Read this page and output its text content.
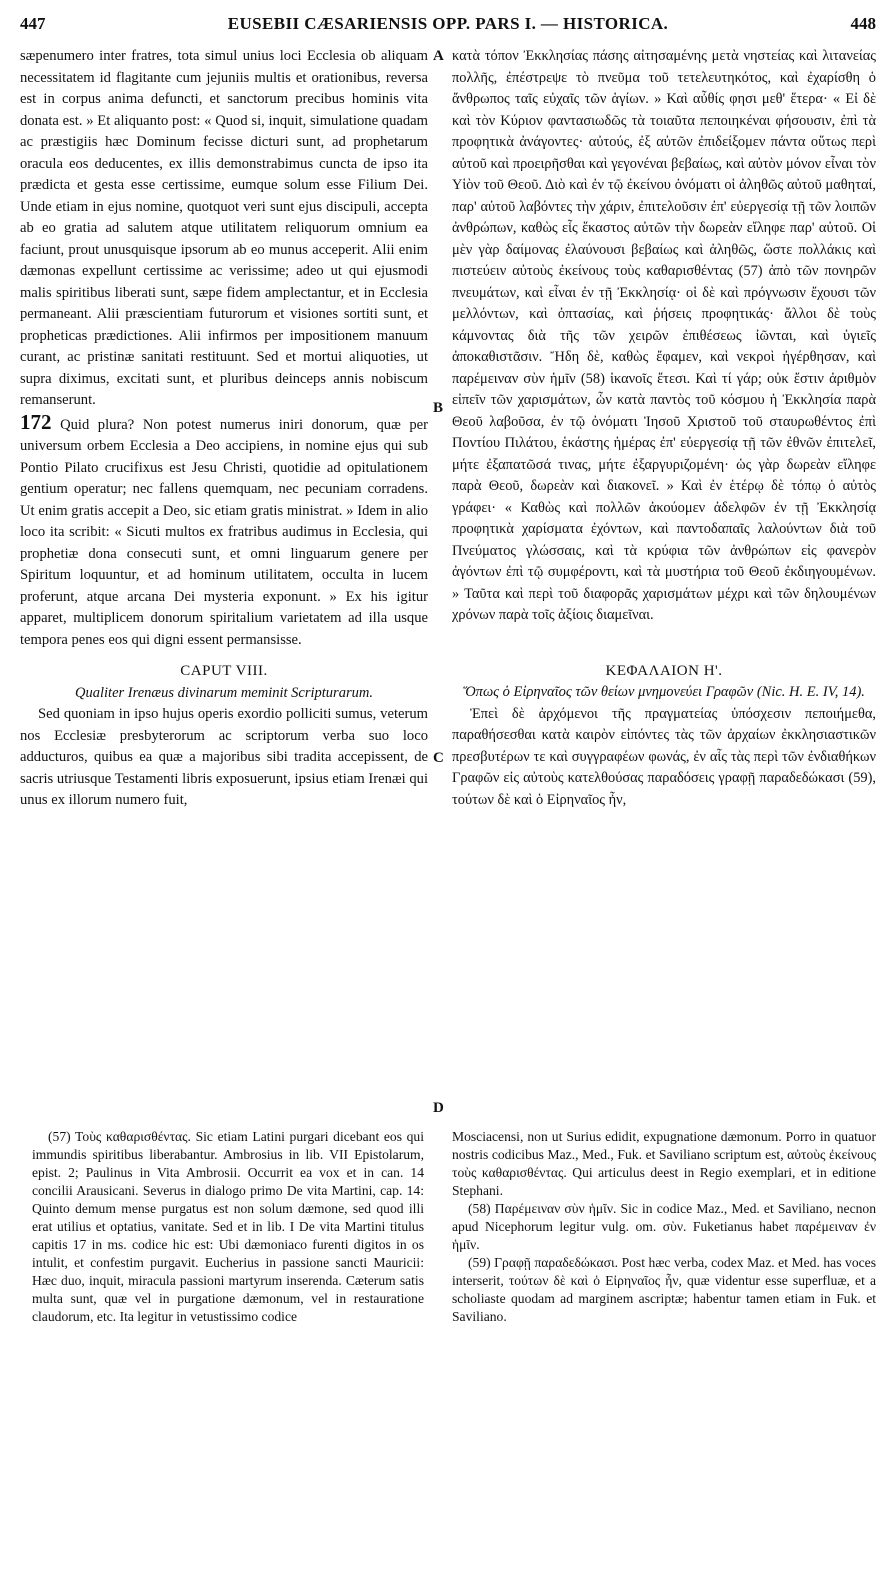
447	EUSEBII CÆSARIENSIS OPP. PARS I. — HISTORICA.	448
A
B
C
D

sæpenumero inter fratres, tota simul unius loci Ecclesia ob aliquam necessitatem id flagitante cum jejuniis multis et orationibus, reversa est in corpus anima defuncti, et sanctorum precibus hominis vita donata est. » Et aliquanto post: « Quod si, inquit, simulatione quadam ac præstigiis hæc Dominum fecisse dicturi sunt, ad prophetarum oracula eos deducentes, ex illis demonstrabimus cuncta de ipso ita prædicta et gesta esse certissime, eumque solum esse Filium Dei. Unde etiam in ejus nomine, quotquot veri sunt ejus discipuli, accepta ab eo gratia ad salutem atque utilitatem reliquorum omnium ea faciunt, prout unusquisque ipsorum ab eo munus acceperit. Alii enim dæmonas expellunt certissime ac verissime; adeo ut qui ejusmodi malis spiritibus liberati sunt, sæpe fidem amplectantur, et in Ecclesia permaneant. Alii præscientiam futurorum et visiones sortiti sunt, et propheticas prædictiones. Alii infirmos per impositionem manuum curant, ac pristinæ sanitati restituunt. Sed et mortui aliquoties, ut supra diximus, excitati sunt, et pluribus deinceps annis nobiscum remanserunt.

172 Quid plura? Non potest numerus iniri donorum, quæ per universum orbem Ecclesia a Deo accipiens, in nomine ejus qui sub Pontio Pilato crucifixus est Jesu Christi, quotidie ad opitulationem gentium operatur; nec fallens quemquam, nec pecuniam corradens. Ut enim gratis accepit a Deo, sic etiam gratis ministrat. » Idem in alio loco ita scribit: « Sicuti multos ex fratribus audimus in Ecclesia, qui prophetiæ dona consecuti sunt, et omni linguarum genere per Spiritum loquuntur, et ad hominum utilitatem, occulta in lucem proferunt, atque arcana Dei mysteria exponunt. » Ex his igitur apparet, multiplicem donorum spiritalium varietatem ad illa usque tempora penes eos qui digni essent permansisse.

CAPUT VIII.
Qualiter Irenæus divinarum meminit Scripturarum.

Sed quoniam in ipso hujus operis exordio polliciti sumus, veterum nos Ecclesiæ presbyterorum ac scriptorum verba suo loco adducturos, quibus ea quæ a majoribus sibi tradita accepissent, de sacris utriusque Testamenti libris exposuerunt, ipsius etiam Irenæi qui unus ex illorum numero fuit,

κατὰ τόπον Ἐκκλησίας πάσης αἰτησαμένης μετὰ νηστείας καὶ λιτανείας πολλῆς, ἐπέστρεψε τὸ πνεῦμα τοῦ τετελευτηκότος, καὶ ἐχαρίσθη ὁ ἄνθρωπος ταῖς εὐχαῖς τῶν ἁγίων. » Καὶ αὖθίς φησι μεθ' ἕτερα· « Εἰ δὲ καὶ τὸν Κύριον φαντασιωδῶς τὰ τοιαῦτα πεποιηκέναι φήσουσιν, ἐπὶ τὰ προφητικὰ ἀνάγοντες· αὐτούς, ἐξ αὐτῶν ἐπιδείξομεν πάντα οὕτως περὶ αὐτοῦ καὶ προειρῆσθαι καὶ γεγονέναι βεβαίως, καὶ αὐτὸν μόνον εἶναι τὸν Υἱὸν τοῦ Θεοῦ. Διὸ καὶ ἐν τῷ ἐκείνου ὀνόματι οἱ ἀληθῶς αὐτοῦ μαθηταί, παρ' αὐτοῦ λαβόντες τὴν χάριν, ἐπιτελοῦσιν ἐπ' εὐεργεσίᾳ τῇ τῶν λοιπῶν ἀνθρώπων, καθὼς εἷς ἕκαστος αὐτῶν τὴν δωρεὰν εἴληφε παρ' αὐτοῦ. Οἱ μὲν γὰρ δαίμονας ἐλαύνουσι βεβαίως καὶ ἀληθῶς, ὥστε πολλάκις καὶ πιστεύειν αὐτοὺς ἐκείνους τοὺς καθαρισθέντας (57) ἀπὸ τῶν πονηρῶν πνευμάτων, καὶ εἶναι ἐν τῇ Ἐκκλησίᾳ· οἱ δὲ καὶ πρόγνωσιν ἔχουσι τῶν μελλόντων, καὶ ὀπτασίας, καὶ ῥήσεις προφητικάς· ἄλλοι δὲ τοὺς κάμνοντας διὰ τῆς τῶν χειρῶν ἐπιθέσεως ἰῶνται, καὶ ὑγιεῖς ἀποκαθιστᾶσιν. Ἤδη δὲ, καθὼς ἔφαμεν, καὶ νεκροὶ ἠγέρθησαν, καὶ παρέμειναν σὺν ἡμῖν (58) ἱκανοῖς ἔτεσι. Καὶ τί γάρ; οὐκ ἔστιν ἀριθμὸν εἰπεῖν τῶν χαρισμάτων, ὧν κατὰ παντὸς τοῦ κόσμου ἡ Ἐκκλησία παρὰ Θεοῦ λαβοῦσα, ἐν τῷ ὀνόματι Ἰησοῦ Χριστοῦ τοῦ σταυρωθέντος ἐπὶ Ποντίου Πιλάτου, ἑκάστης ἡμέρας ἐπ' εὐεργεσίᾳ τῇ τῶν ἐθνῶν ἐπιτελεῖ, μήτε ἐξαπατῶσά τινας, μήτε ἐξαργυριζομένη· ὡς γὰρ δωρεὰν εἴληφε παρὰ Θεοῦ, δωρεὰν καὶ διακονεῖ. » Καὶ ἐν ἑτέρῳ δὲ τόπῳ ὁ αὐτὸς γράφει· « Καθὼς καὶ πολλῶν ἀκούομεν ἀδελφῶν ἐν τῇ Ἐκκλησίᾳ προφητικὰ χαρίσματα ἐχόντων, καὶ παντοδαπαῖς λαλούντων διὰ τοῦ Πνεύματος γλώσσαις, καὶ τὰ κρύφια τῶν ἀνθρώπων εἰς φανερὸν ἀγόντων ἐπὶ τῷ συμφέροντι, καὶ τὰ μυστήρια τοῦ Θεοῦ ἐκδιηγουμένων. » Ταῦτα καὶ περὶ τοῦ διαφορᾶς χαρισμάτων μέχρι καὶ τῶν δηλουμένων χρόνων παρὰ τοῖς ἀξίοις διαμεῖναι.

ΚΕΦΑΛΑΙΟΝ Η'.
Ὅπως ὁ Εἰρηναῖος τῶν θείων μνημονεύει Γραφῶν (Nic. H. E. IV, 14).

Ἐπεὶ δὲ ἀρχόμενοι τῆς πραγματείας ὑπόσχεσιν πεποιήμεθα, παραθήσεσθαι κατὰ καιρὸν εἰπόντες τὰς τῶν ἀρχαίων ἐκκλησιαστικῶν πρεσβυτέρων τε καὶ συγγραφέων φωνάς, ἐν αἷς τὰς περὶ τῶν ἐνδιαθήκων Γραφῶν εἰς αὐτοὺς κατελθούσας παραδόσεις γραφῇ παραδεδώκασι (59), τούτων δὲ καὶ ὁ Εἰρηναῖος ἦν,

(57) Τοὺς καθαρισθέντας. Sic etiam Latini purgari dicebant eos qui immundis spiritibus liberabantur. Ambrosius in lib. VII Epistolarum, epist. 2; Paulinus in Vita Ambrosii. Occurrit ea vox et in can. 14 concilii Arausicani. Severus in dialogo primo De vita Martini, cap. 14: Quinto demum mense purgatus est non solum dæmone, sed quod illi erat utilius et optatius, vanitate. Sed et in lib. I De vita Martini titulus capitis 17 in ms. codice hic est: Ubi dæmoniaco furenti digitos in os intulit, et confestim purgavit. Eucherius in passione sancti Mauricii: Hæc duo, inquit, miracula passioni martyrum inserenda. Cæterum satis multa sunt, quæ vel in purgatione dæmonum, vel in restauratione claudorum, etc. Ita legitur in vetustissimo codice

Mosciacensi, non ut Surius edidit, expugnatione dæmonum. Porro in quatuor nostris codicibus Maz., Med., Fuk. et Saviliano scriptum est, αὐτοὺς ἐκείνους τοὺς καθαρισθέντας. Qui articulus deest in Regio exemplari, et in editione Stephani.

(58) Παρέμειναν σὺν ἡμῖν. Sic in codice Maz., Med. et Saviliano, necnon apud Nicephorum legitur vulg. om. σὺν. Fuketianus habet παρέμειναν ἐν ἡμῖν.

(59) Γραφῇ παραδεδώκασι. Post hæc verba, codex Maz. et Med. has voces interserit, τούτων δὲ καὶ ὁ Εἰρηναῖος ἦν, quæ videntur esse superfluæ, et a scholiaste quodam ad marginem ascriptæ; habentur tamen etiam in Fuk. et Saviliano.
